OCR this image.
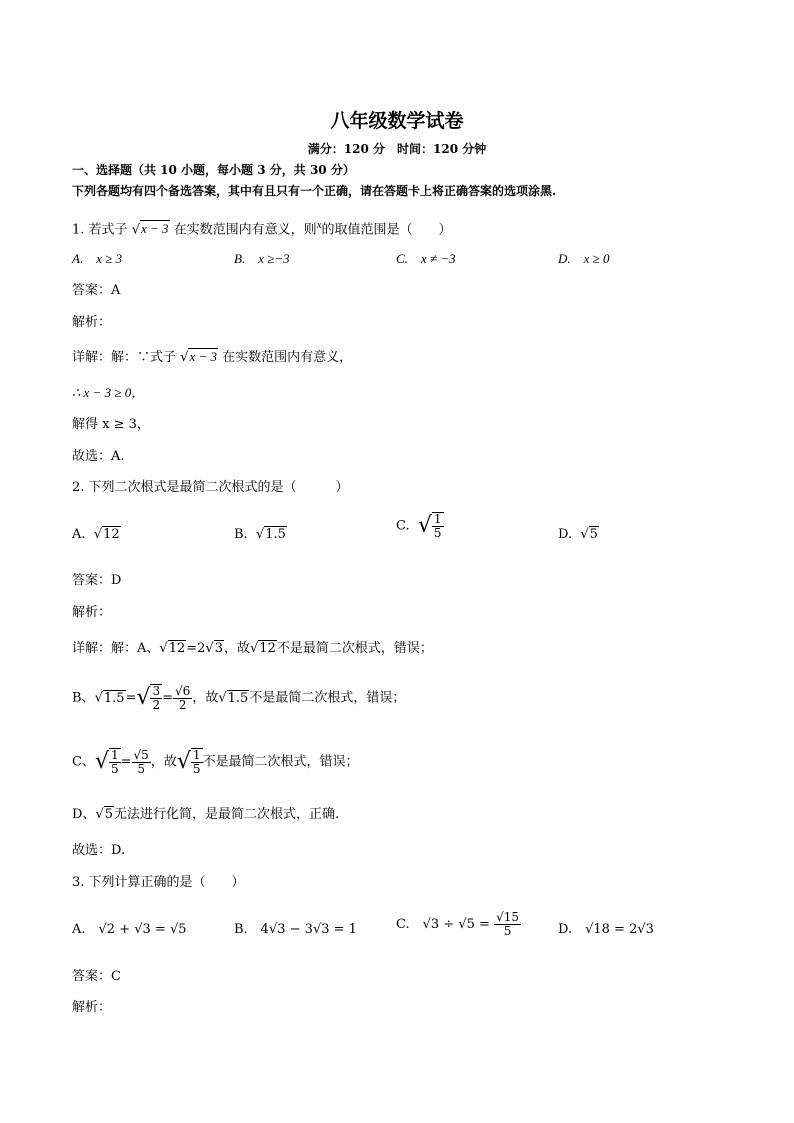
八年级数学试卷
满分：120 分　时间：120 分钟
一、选择题（共 10 小题，每小题 3 分，共 30 分）
下列各题均有四个备选答案，其中有且只有一个正确，请在答题卡上将正确答案的选项涂黑.
1. 若式子 √x − 3 在实数范围内有意义，则$^x$的取值范围是（　　）
A.　x ≥ 3	B.　x ≥−3	C.　x ≠ −3	D.　x ≥ 0
答案：A
解析：
详解：解：∵式子 √x − 3 在实数范围内有意义，
∴ x − 3 ≥ 0，
解得 x ≥ 3，
故选：A.
2. 下列二次根式是最简二次根式的是（　　　）
A. √12	B. √1.5
C. √ $\frac{1}{5}$	D. √5
答案：D
解析：
详解：解：A、√12=2√3，故√12不是最简二次根式，错误；
B、$√1.5=√ \frac{3}{2} = \frac{√6}{2}$ ，故√1.5不是最简二次根式，错误；
C、√ $\frac{1}{5} = \frac{√5}{5}$ ，故√ $\frac{1}{5}$ 不是最简二次根式，错误；
D、√5无法进行化简，是最简二次根式，正确.
故选：D.
3. 下列计算正确的是（　　）
A.　√2 + √3 = √5	B.　4√3 − 3√3 = 1	C.　$√3 \div √5 = \frac{√15}{5}$	D.　√18 = 2√3
答案：C
解析：
